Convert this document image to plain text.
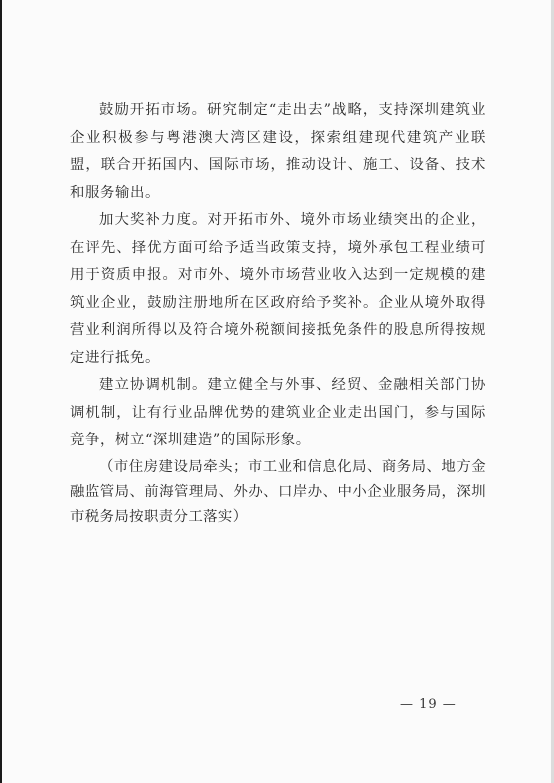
鼓励开拓市场。研究制定“走出去”战略，支持深圳建筑业企业积极参与粤港澳大湾区建设，探索组建现代建筑产业联盟，联合开拓国内、国际市场，推动设计、施工、设备、技术和服务输出。

加大奖补力度。对开拓市外、境外市场业绩突出的企业，在评先、择优方面可给予适当政策支持，境外承包工程业绩可用于资质申报。对市外、境外市场营业收入达到一定规模的建筑业企业，鼓励注册地所在区政府给予奖补。企业从境外取得营业利润所得以及符合境外税额间接抵免条件的股息所得按规定进行抵免。

建立协调机制。建立健全与外事、经贸、金融相关部门协调机制，让有行业品牌优势的建筑业企业走出国门，参与国际竞争，树立“深圳建造”的国际形象。

（市住房建设局牵头；市工业和信息化局、商务局、地方金融监管局、前海管理局、外办、口岸办、中小企业服务局，深圳市税务局按职责分工落实）

— 19 —
